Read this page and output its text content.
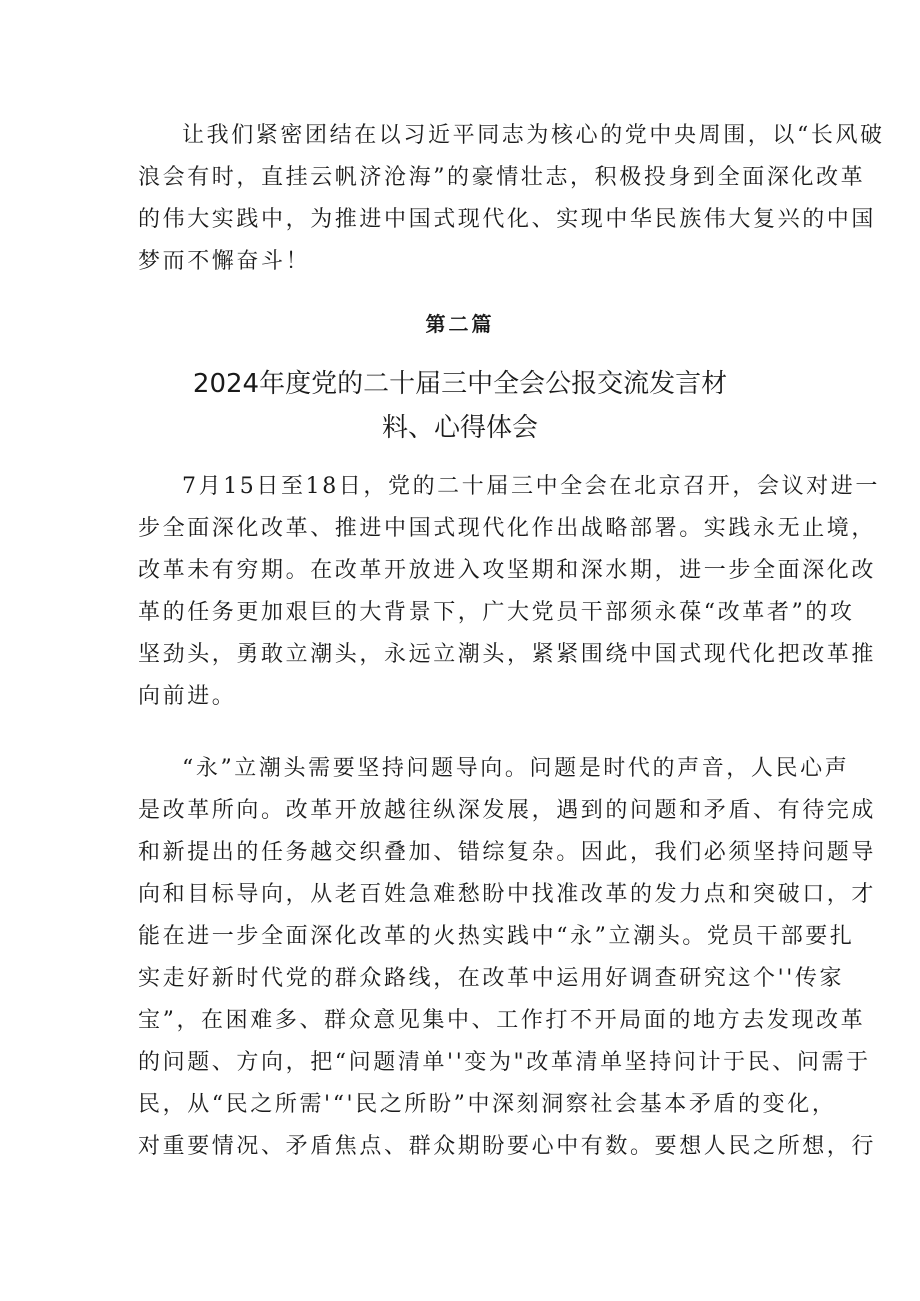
让我们紧密团结在以习近平同志为核心的党中央周围，以“长风破
浪会有时，直挂云帆济沧海”的豪情壮志，积极投身到全面深化改革
的伟大实践中，为推进中国式现代化、实现中华民族伟大复兴的中国
梦而不懈奋斗！
第二篇
2024年度党的二十届三中全会公报交流发言材
料、心得体会
7月15日至18日，党的二十届三中全会在北京召开，会议对进一
步全面深化改革、推进中国式现代化作出战略部署。实践永无止境，
改革未有穷期。在改革开放进入攻坚期和深水期，进一步全面深化改
革的任务更加艰巨的大背景下，广大党员干部须永葆“改革者”的攻
坚劲头，勇敢立潮头，永远立潮头，紧紧围绕中国式现代化把改革推
向前进。
“永”立潮头需要坚持问题导向。问题是时代的声音，人民心声
是改革所向。改革开放越往纵深发展，遇到的问题和矛盾、有待完成
和新提出的任务越交织叠加、错综复杂。因此，我们必须坚持问题导
向和目标导向，从老百姓急难愁盼中找准改革的发力点和突破口，才
能在进一步全面深化改革的火热实践中“永”立潮头。党员干部要扎
实走好新时代党的群众路线，在改革中运用好调查研究这个''传家
宝”，在困难多、群众意见集中、工作打不开局面的地方去发现改革
的问题、方向，把“问题清单''变为"改革清单坚持问计于民、问需于
民，从“民之所需'“'民之所盼”中深刻洞察社会基本矛盾的变化，
对重要情况、矛盾焦点、群众期盼要心中有数。要想人民之所想，行
